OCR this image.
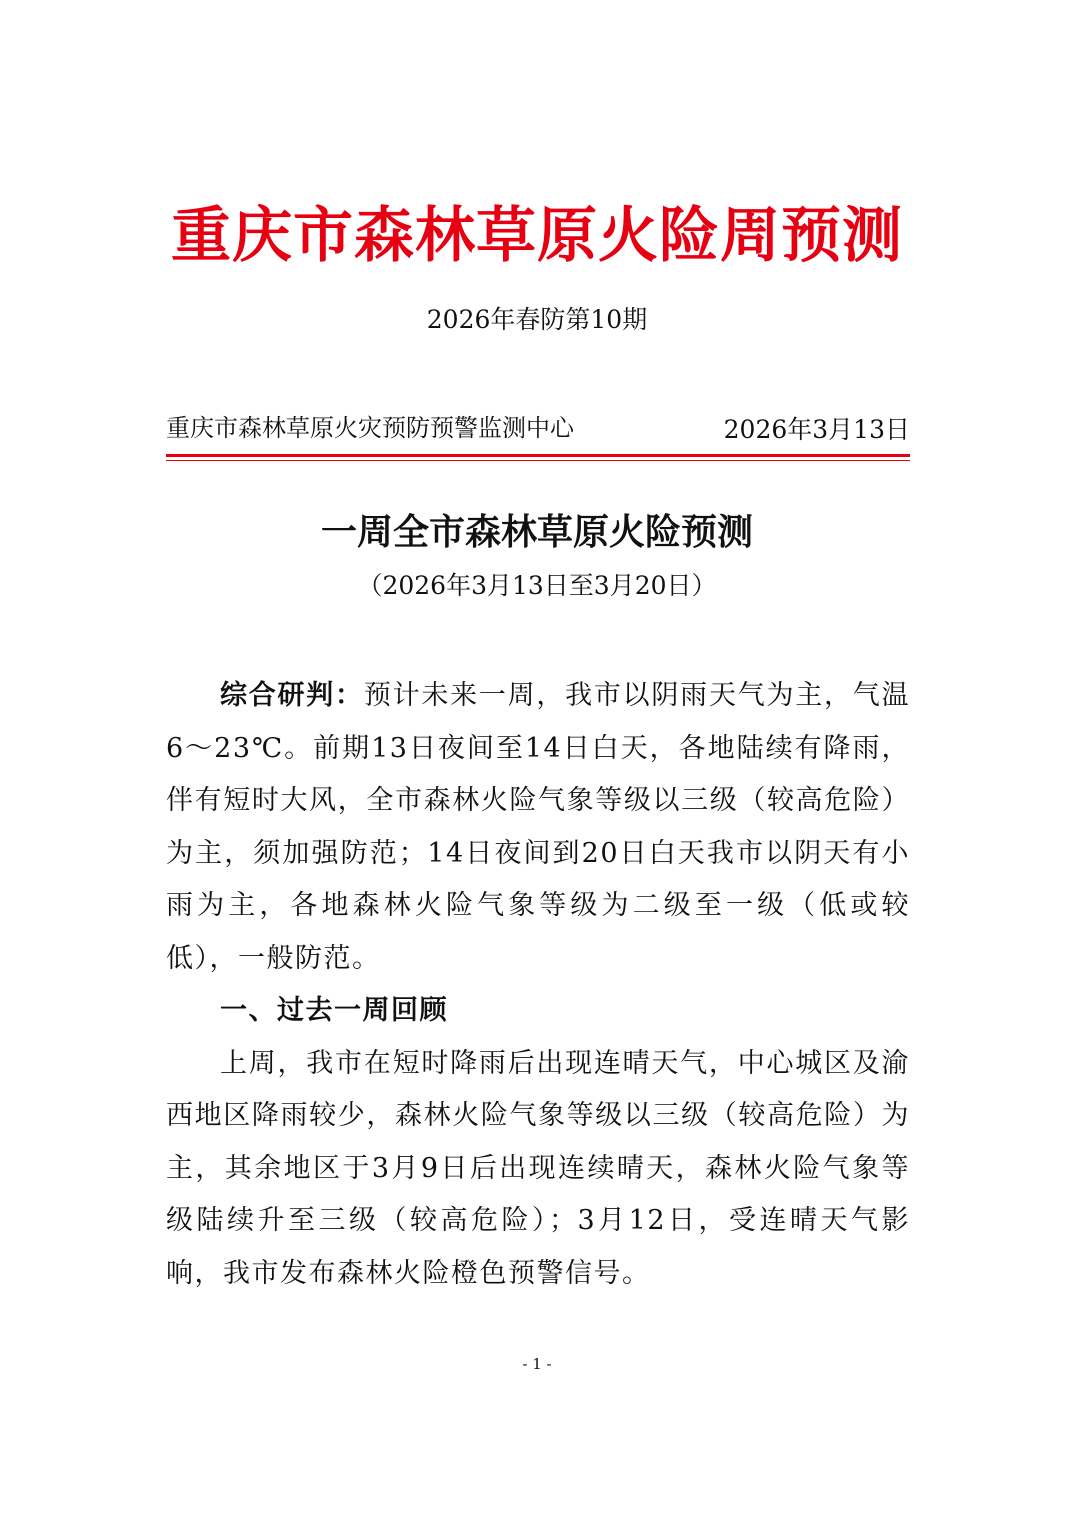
重庆市森林草原火险周预测
2026年春防第10期
重庆市森林草原火灾预防预警监测中心	2026年3月13日
一周全市森林草原火险预测
（2026年3月13日至3月20日）

综合研判：预计未来一周，我市以阴雨天气为主，气温6～23℃。前期13日夜间至14日白天，各地陆续有降雨，伴有短时大风，全市森林火险气象等级以三级（较高危险）为主，须加强防范；14日夜间到20日白天我市以阴天有小雨为主，各地森林火险气象等级为二级至一级（低或较低），一般防范。

一、过去一周回顾

上周，我市在短时降雨后出现连晴天气，中心城区及渝西地区降雨较少，森林火险气象等级以三级（较高危险）为主，其余地区于3月9日后出现连续晴天，森林火险气象等级陆续升至三级（较高危险）；3月12日，受连晴天气影响，我市发布森林火险橙色预警信号。

- 1 -
